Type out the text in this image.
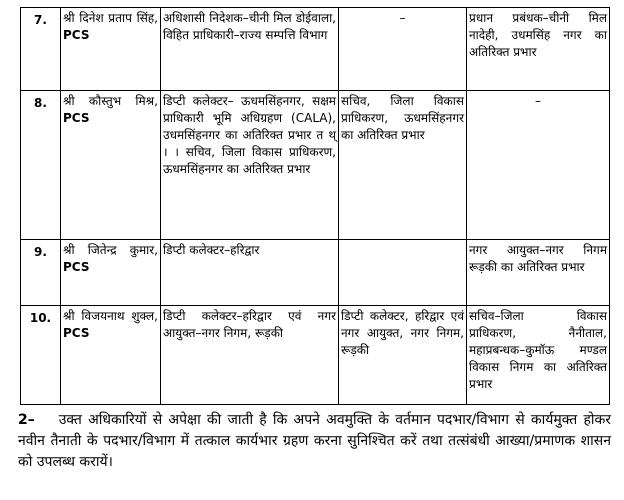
7.	श्री दिनेश प्रताप सिंह, PCS	अधिशासी निदेशक–चीनी मिल डोईवाला, विहित प्राधिकारी–राज्य सम्पत्ति विभाग	–	प्रधान प्रबंधक–चीनी मिल नादेही, उधमसिंह नगर का अतिरिक्त प्रभार
8.	श्री कौस्तुभ मिश्र, PCS	डिप्टी कलेक्टर– ऊधमसिंहनगर, सक्षम प्राधिकारी भूमि अधिग्रहण (CALA), उधमसिंहनगर का अतिरिक्त प्रभार त थ् । । सचिव, जिला विकास प्राधिकरण, ऊधमसिंहनगर का अतिरिक्त प्रभार	सचिव, जिला विकास प्राधिकरण, ऊधमसिंहनगर का अतिरिक्त प्रभार	–
9.	श्री जितेन्द्र कुमार, PCS	डिप्टी कलेक्टर–हरिद्वार		नगर आयुक्त–नगर निगम रूड़की का अतिरिक्त प्रभार
10.	श्री विजयनाथ शुक्ल, PCS	डिप्टी कलेक्टर–हरिद्वार एवं नगर आयुक्त–नगर निगम, रूड़की	डिप्टी कलेक्टर, हरिद्वार एवं नगर आयुक्त, नगर निगम, रूड़की	सचिव–जिला विकास प्राधिकरण, नैनीताल, महाप्रबन्धक–कुमॉऊ मण्डल विकास निगम का अतिरिक्त प्रभार
2– उक्त अधिकारियों से अपेक्षा की जाती है कि अपने अवमुक्ति के वर्तमान पदभार/विभाग से कार्यमुक्त होकर नवीन तैनाती के पदभार/विभाग में तत्काल कार्यभार ग्रहण करना सुनिश्चित करें तथा तत्संबंधी आख्या/प्रमाणक शासन को उपलब्ध करायें।
